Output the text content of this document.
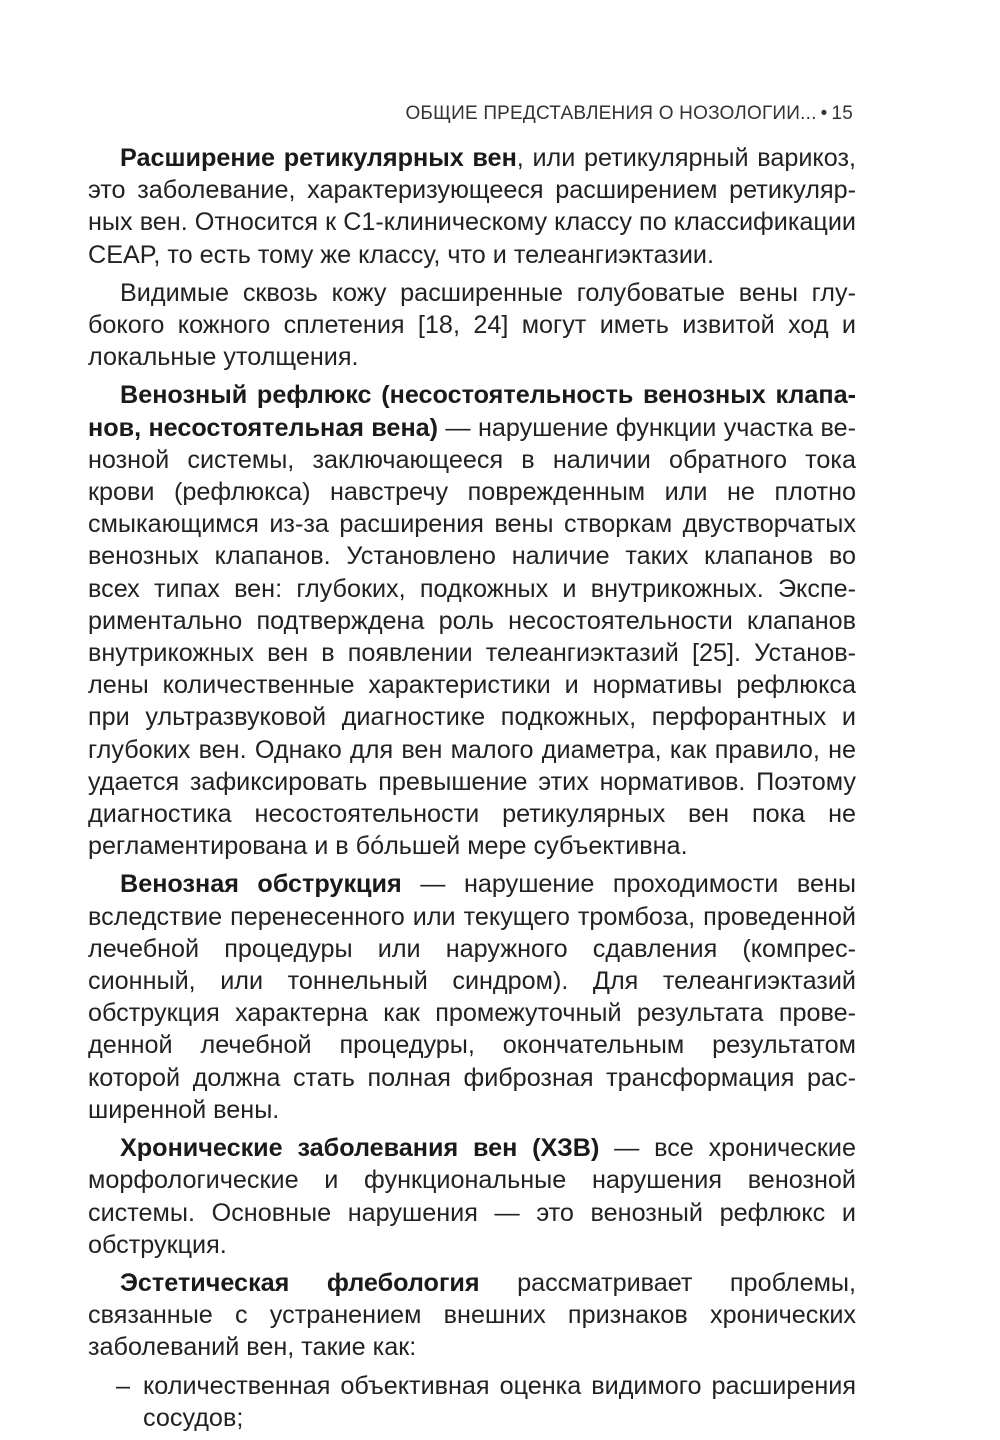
ОБЩИЕ ПРЕДСТАВЛЕНИЯ О НОЗОЛОГИИ... • 15

Расширение ретикулярных вен, или ретикулярный варикоз, это заболевание, характеризующееся расширением ретикулярных вен. Относится к С1-клиническому классу по классификации CEAP, то есть тому же классу, что и телеангиэктазии.

Видимые сквозь кожу расширенные голубоватые вены глубокого кожного сплетения [18, 24] могут иметь извитой ход и локальные утолщения.

Венозный рефлюкс (несостоятельность венозных клапанов, несостоятельная вена) — нарушение функции участка венозной системы, заключающееся в наличии обратного тока крови (рефлюкса) навстречу поврежденным или не плотно смыкающимся из-за расширения вены створкам двустворчатых венозных клапанов. Установлено наличие таких клапанов во всех типах вен: глубоких, подкожных и внутрикожных. Экспериментально подтверждена роль несостоятельности клапанов внутрикожных вен в появлении телеангиэктазий [25]. Установлены количественные характеристики и нормативы рефлюкса при ультразвуковой диагностике подкожных, перфорантных и глубоких вен. Однако для вен малого диаметра, как правило, не удается зафиксировать превышение этих нормативов. Поэтому диагностика несостоятельности ретикулярных вен пока не регламентирована и в бóльшей мере субъективна.

Венозная обструкция — нарушение проходимости вены вследствие перенесенного или текущего тромбоза, проведенной лечебной процедуры или наружного сдавления (компрессионный, или тоннельный синдром). Для телеангиэктазий обструкция характерна как промежуточный результата проведенной лечебной процедуры, окончательным результатом которой должна стать полная фиброзная трансформация расширенной вены.

Хронические заболевания вен (ХЗВ) — все хронические морфологические и функциональные нарушения венозной системы. Основные нарушения — это венозный рефлюкс и обструкция.

Эстетическая флебология рассматривает проблемы, связанные с устранением внешних признаков хронических заболеваний вен, такие как:

– количественная объективная оценка видимого расширения сосудов;
